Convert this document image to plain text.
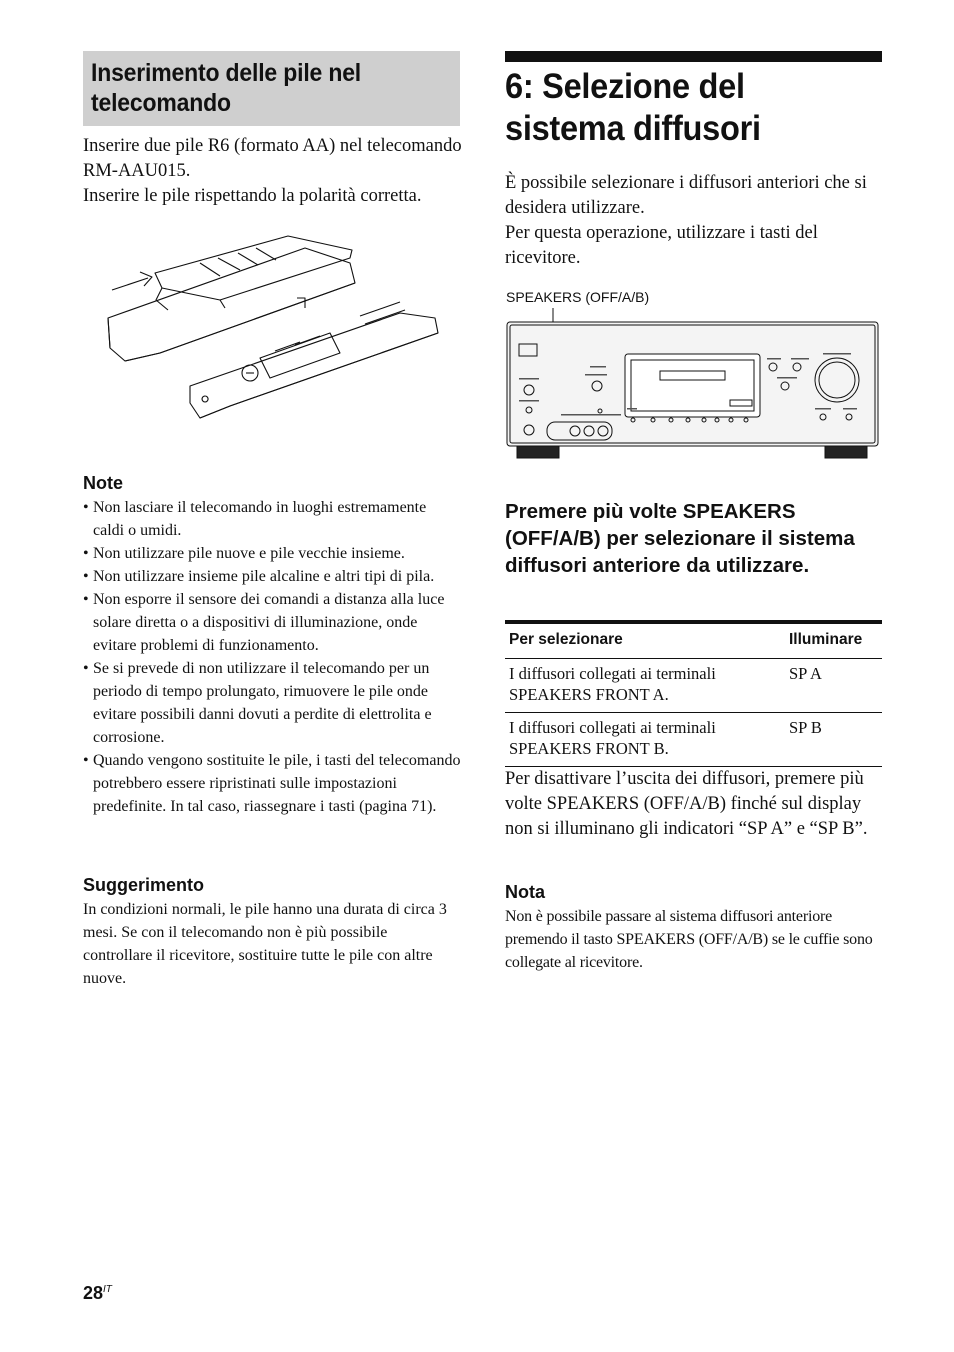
Inserimento delle pile nel telecomando

Inserire due pile R6 (formato AA) nel telecomando RM-AAU015.

Inserire le pile rispettando la polarità corretta.

Note
• Non lasciare il telecomando in luoghi estremamente caldi o umidi.
• Non utilizzare pile nuove e pile vecchie insieme.
• Non utilizzare insieme pile alcaline e altri tipi di pila.
• Non esporre il sensore dei comandi a distanza alla luce solare diretta o a dispositivi di illuminazione, onde evitare problemi di funzionamento.
• Se si prevede di non utilizzare il telecomando per un periodo di tempo prolungato, rimuovere le pile onde evitare possibili danni dovuti a perdite di elettrolita e corrosione.
• Quando vengono sostituite le pile, i tasti del telecomando potrebbero essere ripristinati sulle impostazioni predefinite. In tal caso, riassegnare i tasti (pagina 71).
Suggerimento
In condizioni normali, le pile hanno una durata di circa 3 mesi. Se con il telecomando non è più possibile controllare il ricevitore, sostituire tutte le pile con altre nuove.
6: Selezione del sistema diffusori

È possibile selezionare i diffusori anteriori che si desidera utilizzare.

Per questa operazione, utilizzare i tasti del ricevitore.

SPEAKERS (OFF/A/B)
Premere più volte SPEAKERS (OFF/A/B) per selezionare il sistema diffusori anteriore da utilizzare.
Per selezionare	Illuminare
I diffusori collegati ai terminali SPEAKERS FRONT A.	SP A
I diffusori collegati ai terminali SPEAKERS FRONT B.	SP B
Per disattivare l’uscita dei diffusori, premere più volte SPEAKERS (OFF/A/B) finché sul display non si illuminano gli indicatori “SP A” e “SP B”.
Nota
Non è possibile passare al sistema diffusori anteriore premendo il tasto SPEAKERS (OFF/A/B) se le cuffie sono collegate al ricevitore.
$28^{IT}$
